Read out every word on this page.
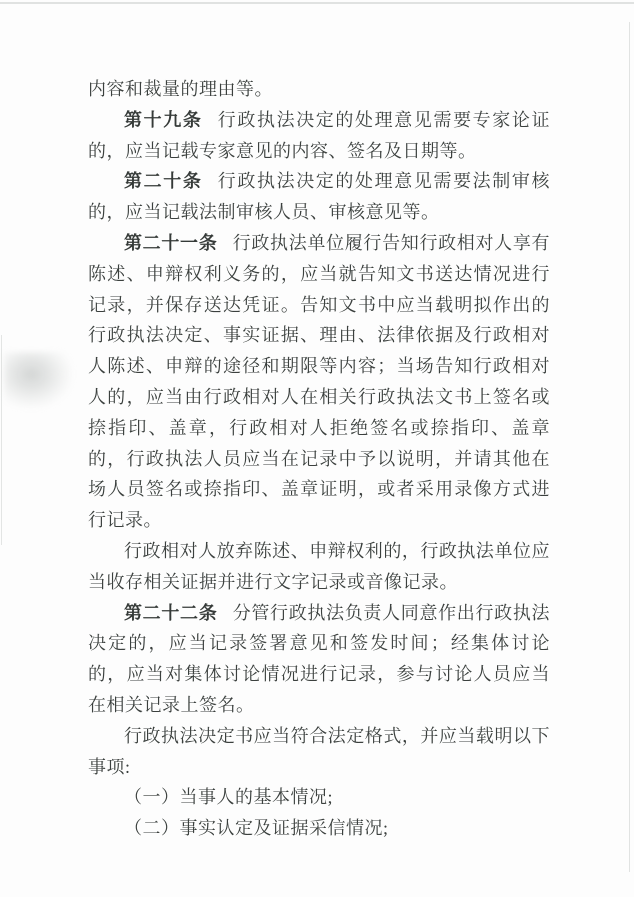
内容和裁量的理由等。

第十九条 行政执法决定的处理意见需要专家论证的，应当记载专家意见的内容、签名及日期等。

第二十条 行政执法决定的处理意见需要法制审核的，应当记载法制审核人员、审核意见等。

第二十一条 行政执法单位履行告知行政相对人享有陈述、申辩权利义务的，应当就告知文书送达情况进行记录，并保存送达凭证。告知文书中应当载明拟作出的行政执法决定、事实证据、理由、法律依据及行政相对人陈述、申辩的途径和期限等内容；当场告知行政相对人的，应当由行政相对人在相关行政执法文书上签名或捺指印、盖章，行政相对人拒绝签名或捺指印、盖章的，行政执法人员应当在记录中予以说明，并请其他在场人员签名或捺指印、盖章证明，或者采用录像方式进行记录。

行政相对人放弃陈述、申辩权利的，行政执法单位应当收存相关证据并进行文字记录或音像记录。

第二十二条 分管行政执法负责人同意作出行政执法决定的，应当记录签署意见和签发时间；经集体讨论的，应当对集体讨论情况进行记录，参与讨论人员应当在相关记录上签名。

行政执法决定书应当符合法定格式，并应当载明以下事项:

（一）当事人的基本情况;

（二）事实认定及证据采信情况;
